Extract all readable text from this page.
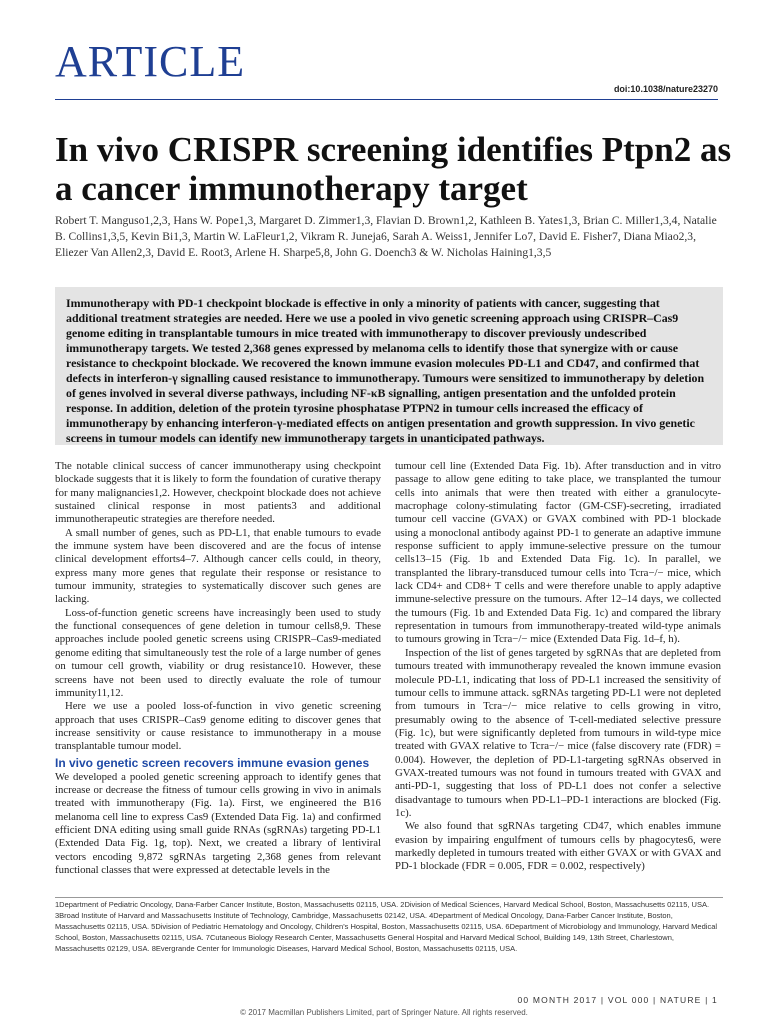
ARTICLE
doi:10.1038/nature23270
In vivo CRISPR screening identifies Ptpn2 as a cancer immunotherapy target

Robert T. Manguso1,2,3, Hans W. Pope1,3, Margaret D. Zimmer1,3, Flavian D. Brown1,2, Kathleen B. Yates1,3, Brian C. Miller1,3,4, Natalie B. Collins1,3,5, Kevin Bi1,3, Martin W. LaFleur1,2, Vikram R. Juneja6, Sarah A. Weiss1, Jennifer Lo7, David E. Fisher7, Diana Miao2,3, Eliezer Van Allen2,3, David E. Root3, Arlene H. Sharpe5,8, John G. Doench3 & W. Nicholas Haining1,3,5

Immunotherapy with PD-1 checkpoint blockade is effective in only a minority of patients with cancer, suggesting that additional treatment strategies are needed. Here we use a pooled in vivo genetic screening approach using CRISPR–Cas9 genome editing in transplantable tumours in mice treated with immunotherapy to discover previously undescribed immunotherapy targets. We tested 2,368 genes expressed by melanoma cells to identify those that synergize with or cause resistance to checkpoint blockade. We recovered the known immune evasion molecules PD-L1 and CD47, and confirmed that defects in interferon-γ signalling caused resistance to immunotherapy. Tumours were sensitized to immunotherapy by deletion of genes involved in several diverse pathways, including NF-κB signalling, antigen presentation and the unfolded protein response. In addition, deletion of the protein tyrosine phosphatase PTPN2 in tumour cells increased the efficacy of immunotherapy by enhancing interferon-γ-mediated effects on antigen presentation and growth suppression. In vivo genetic screens in tumour models can identify new immunotherapy targets in unanticipated pathways.

The notable clinical success of cancer immunotherapy using checkpoint blockade suggests that it is likely to form the foundation of curative therapy for many malignancies1,2. However, checkpoint blockade does not achieve sustained clinical response in most patients3 and additional immunotherapeutic strategies are therefore needed.

A small number of genes, such as PD-L1, that enable tumours to evade the immune system have been discovered and are the focus of intense clinical development efforts4–7. Although cancer cells could, in theory, express many more genes that regulate their response or resistance to tumour immunity, strategies to systematically discover such genes are lacking.

Loss-of-function genetic screens have increasingly been used to study the functional consequences of gene deletion in tumour cells8,9. These approaches include pooled genetic screens using CRISPR–Cas9-mediated genome editing that simultaneously test the role of a large number of genes on tumour cell growth, viability or drug resistance10. However, these screens have not been used to directly evaluate the role of tumour immunity11,12.

Here we use a pooled loss-of-function in vivo genetic screening approach that uses CRISPR–Cas9 genome editing to discover genes that increase sensitivity or cause resistance to immunotherapy in a mouse transplantable tumour model.

In vivo genetic screen recovers immune evasion genes

We developed a pooled genetic screening approach to identify genes that increase or decrease the fitness of tumour cells growing in vivo in animals treated with immunotherapy (Fig. 1a). First, we engineered the B16 melanoma cell line to express Cas9 (Extended Data Fig. 1a) and confirmed efficient DNA editing using small guide RNAs (sgRNAs) targeting PD-L1 (Extended Data Fig. 1g, top). Next, we created a library of lentiviral vectors encoding 9,872 sgRNAs targeting 2,368 genes from relevant functional classes that were expressed at detectable levels in the

tumour cell line (Extended Data Fig. 1b). After transduction and in vitro passage to allow gene editing to take place, we transplanted the tumour cells into animals that were then treated with either a granulocyte-macrophage colony-stimulating factor (GM-CSF)-secreting, irradiated tumour cell vaccine (GVAX) or GVAX combined with PD-1 blockade using a monoclonal antibody against PD-1 to generate an adaptive immune response sufficient to apply immune-selective pressure on the tumour cells13–15 (Fig. 1b and Extended Data Fig. 1c). In parallel, we transplanted the library-transduced tumour cells into Tcra−/− mice, which lack CD4+ and CD8+ T cells and were therefore unable to apply adaptive immune-selective pressure on the tumours. After 12–14 days, we collected the tumours (Fig. 1b and Extended Data Fig. 1c) and compared the library representation in tumours from immunotherapy-treated wild-type animals to tumours growing in Tcra−/− mice (Extended Data Fig. 1d–f, h).

Inspection of the list of genes targeted by sgRNAs that are depleted from tumours treated with immunotherapy revealed the known immune evasion molecule PD-L1, indicating that loss of PD-L1 increased the sensitivity of tumour cells to immune attack. sgRNAs targeting PD-L1 were not depleted from tumours in Tcra−/− mice relative to cells growing in vitro, presumably owing to the absence of T-cell-mediated selective pressure (Fig. 1c), but were significantly depleted from tumours in wild-type mice treated with GVAX relative to Tcra−/− mice (false discovery rate (FDR) = 0.004). However, the depletion of PD-L1-targeting sgRNAs observed in GVAX-treated tumours was not found in tumours treated with GVAX and anti-PD-1, suggesting that loss of PD-L1 does not confer a selective disadvantage to tumours when PD-L1–PD-1 interactions are blocked (Fig. 1c).

We also found that sgRNAs targeting CD47, which enables immune evasion by impairing engulfment of tumours cells by phagocytes6, were markedly depleted in tumours treated with either GVAX or with GVAX and PD-1 blockade (FDR = 0.005, FDR = 0.002, respectively)

1Department of Pediatric Oncology, Dana-Farber Cancer Institute, Boston, Massachusetts 02115, USA. 2Division of Medical Sciences, Harvard Medical School, Boston, Massachusetts 02115, USA. 3Broad Institute of Harvard and Massachusetts Institute of Technology, Cambridge, Massachusetts 02142, USA. 4Department of Medical Oncology, Dana-Farber Cancer Institute, Boston, Massachusetts 02115, USA. 5Division of Pediatric Hematology and Oncology, Children's Hospital, Boston, Massachusetts 02115, USA. 6Department of Microbiology and Immunology, Harvard Medical School, Boston, Massachusetts 02115, USA. 7Cutaneous Biology Research Center, Massachusetts General Hospital and Harvard Medical School, Building 149, 13th Street, Charlestown, Massachusetts 02129, USA. 8Evergrande Center for Immunologic Diseases, Harvard Medical School, Boston, Massachusetts 02115, USA.

00 MONTH 2017 | VOL 000 | NATURE | 1
© 2017 Macmillan Publishers Limited, part of Springer Nature. All rights reserved.
